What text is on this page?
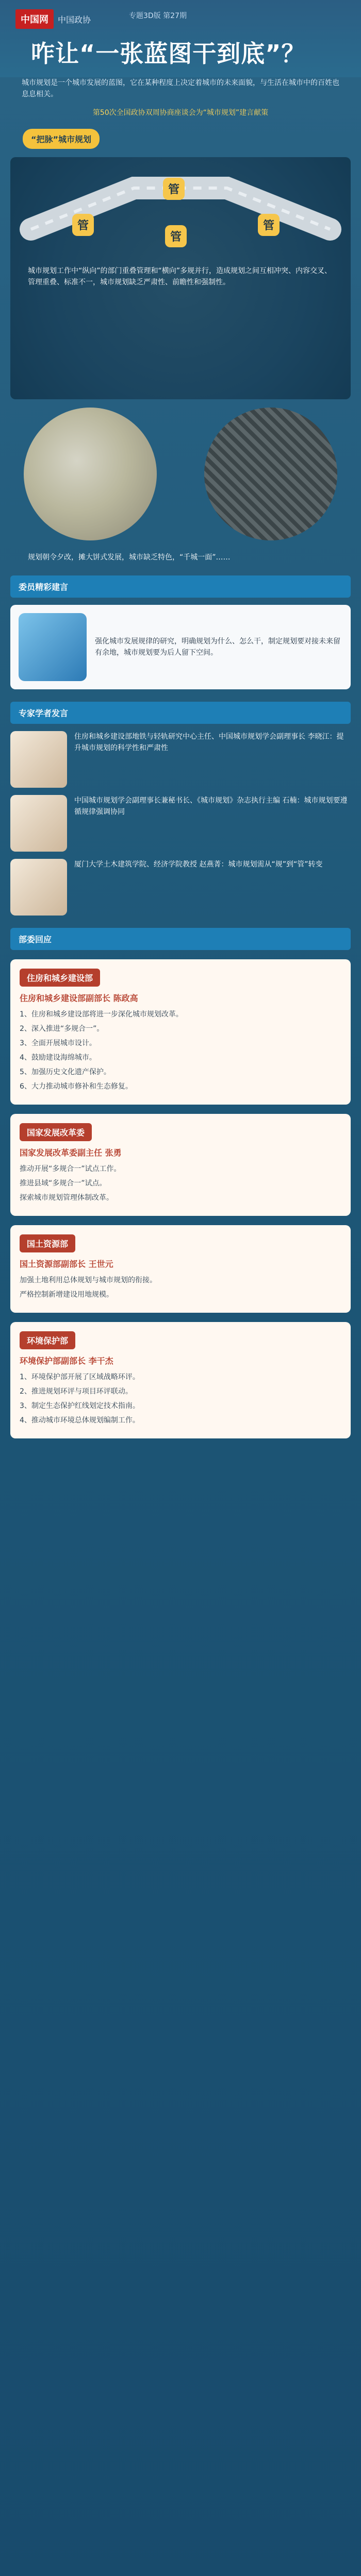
中国网	中国政协	专题3D版 第27期
咋让“一张蓝图干到底”？
城市规划是一个城市发展的蓝图，它在某种程度上决定着城市的未来面貌，与生活在城市中的百姓也息息相关。
第50次全国政协双周协商座谈会为“城市规划”建言献策
“把脉”城市规划
管
管	管
管
城市规划工作中“纵向”的部门重叠管理和“横向”多规并行，造成规划之间互相冲突、内容交叉、管理重叠、标准不一，城市规划缺乏严肃性、前瞻性和强制性。
规划朝令夕改，摊大饼式发展，城市缺乏特色，“千城一面”……
委员精彩建言
强化城市发展规律的研究，明确规划为什么、怎么干，制定规划要对接未来留有余地，城市规划要为后人留下空间。
专家学者发言
住房和城乡建设部地铁与轻轨研究中心主任、中国城市规划学会副理事长 李晓江：提升城市规划的科学性和严肃性
中国城市规划学会副理事长兼秘书长、《城市规划》杂志执行主编 石楠：城市规划要遵循规律强调协同
厦门大学土木建筑学院、经济学院教授 赵燕菁：城市规划需从“规”到“管”转变
部委回应
住房和城乡建设部
住房和城乡建设部副部长 陈政高
1、住房和城乡建设部将进一步深化城市规划改革。
2、深入推进“多规合一”。
3、全面开展城市设计。
4、鼓励建设海绵城市。
5、加强历史文化遗产保护。
6、大力推动城市修补和生态修复。
国家发展改革委
国家发展改革委副主任 张勇
推动开展“多规合一”试点工作。
推进县域“多规合一”试点。
探索城市规划管理体制改革。
国土资源部
国土资源部副部长 王世元
加强土地利用总体规划与城市规划的衔接。
严格控制新增建设用地规模。
环境保护部
环境保护部副部长 李干杰
1、环境保护部开展了区域战略环评。
2、推进规划环评与项目环评联动。
3、制定生态保护红线划定技术指南。
4、推动城市环境总体规划编制工作。
